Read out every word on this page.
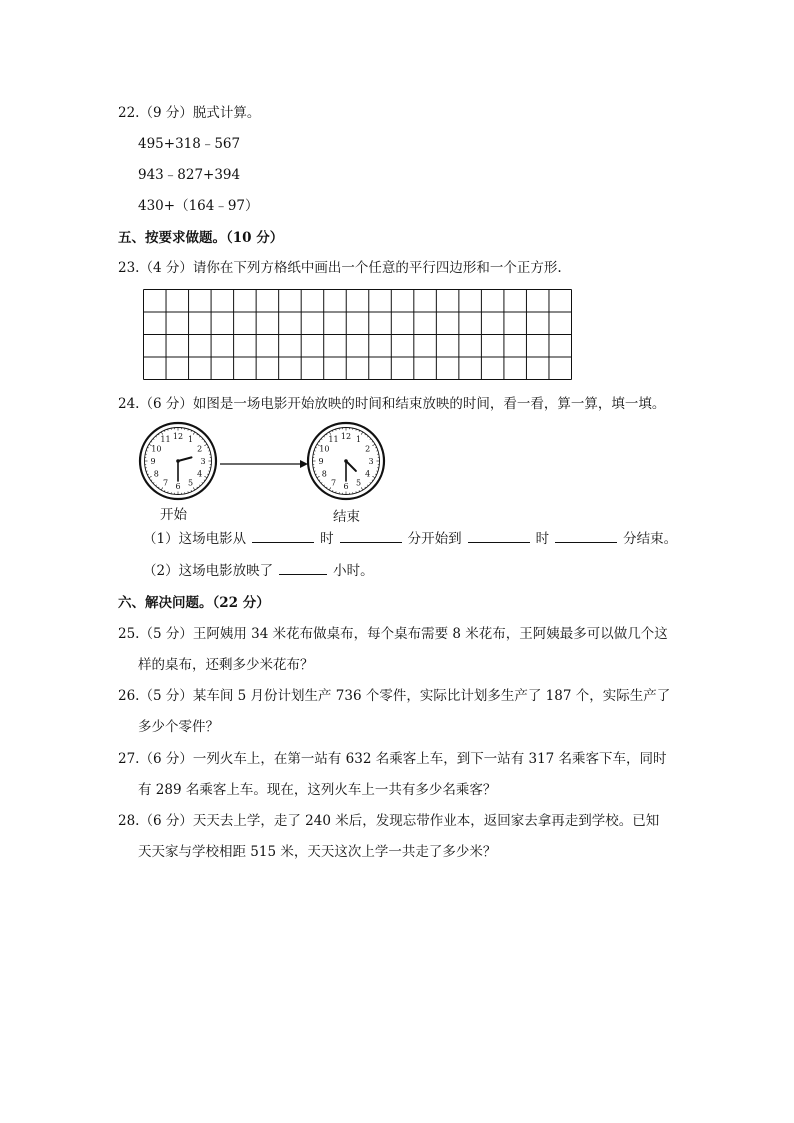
22.（9 分）脱式计算。
495+318﹣567
943﹣827+394
430+（164﹣97）
五、按要求做题。（10 分）
23.（4 分）请你在下列方格纸中画出一个任意的平行四边形和一个正方形.
24.（6 分）如图是一场电影开始放映的时间和结束放映的时间，看一看，算一算，填一填。
12 1
2
3
4
5
6
7
8
9
10
11	12 1
2
3
4
5
6
7
8
9
10
11
开始	结束
（1）这场电影从	时	分开始到	时	分结束。
（2）这场电影放映了	小时。
六、解决问题。（22 分）
25.（5 分）王阿姨用 34 米花布做桌布，每个桌布需要 8 米花布，王阿姨最多可以做几个这
样的桌布，还剩多少米花布？
26.（5 分）某车间 5 月份计划生产 736 个零件，实际比计划多生产了 187 个，实际生产了
多少个零件？
27.（6 分）一列火车上，在第一站有 632 名乘客上车，到下一站有 317 名乘客下车，同时
有 289 名乘客上车。现在，这列火车上一共有多少名乘客？
28.（6 分）天天去上学，走了 240 米后，发现忘带作业本，返回家去拿再走到学校。已知
天天家与学校相距 515 米，天天这次上学一共走了多少米？
